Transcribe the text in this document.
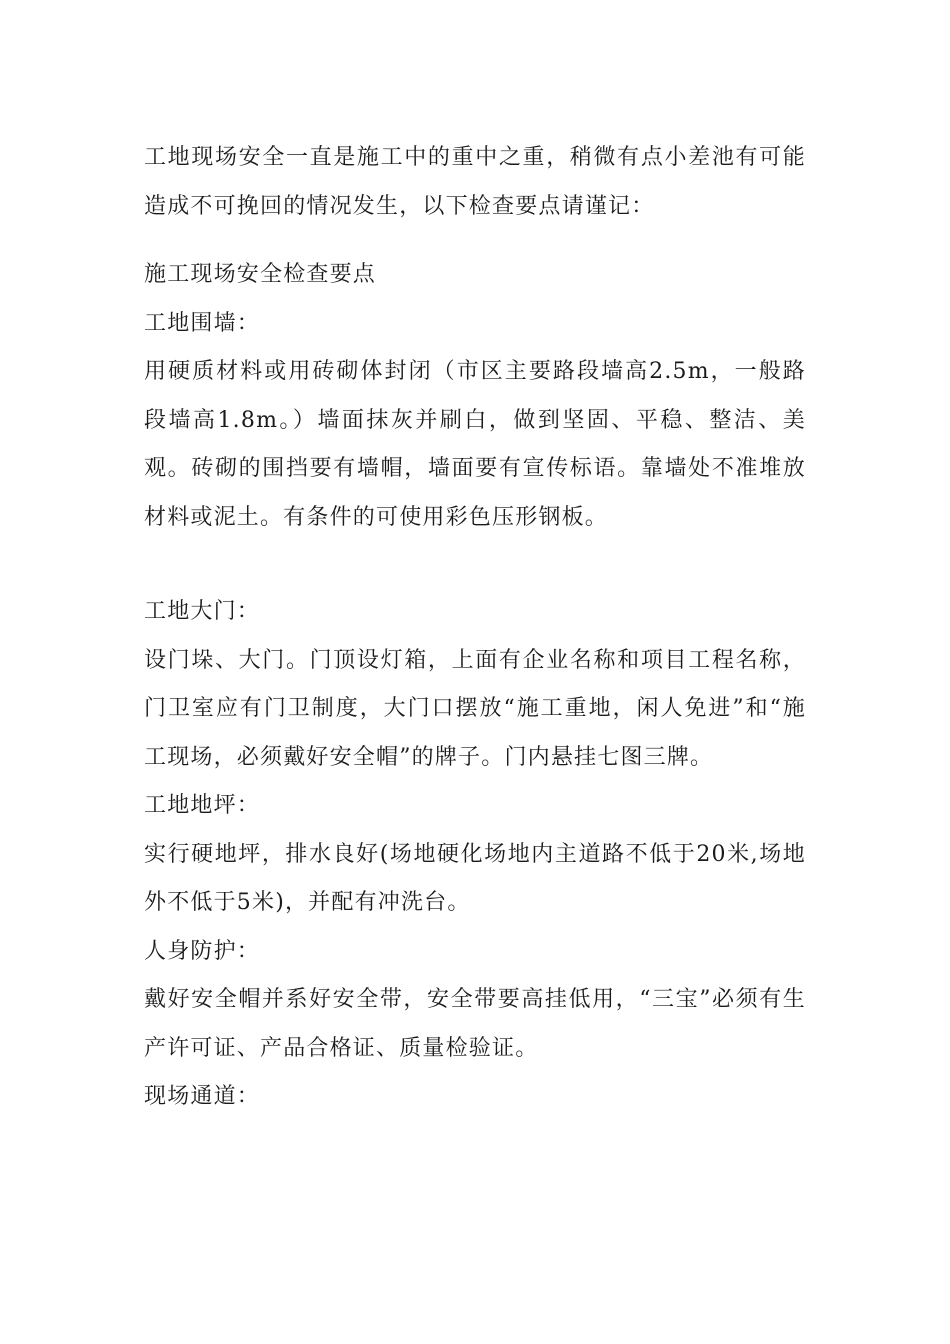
工地现场安全一直是施工中的重中之重，稍微有点小差池有可能造成不可挽回的情况发生，以下检查要点请谨记：

施工现场安全检查要点

工地围墙：

用硬质材料或用砖砌体封闭（市区主要路段墙高2.5m，一般路段墙高1.8m。）墙面抹灰并刷白，做到坚固、平稳、整洁、美观。砖砌的围挡要有墙帽，墙面要有宣传标语。靠墙处不准堆放材料或泥土。有条件的可使用彩色压形钢板。

工地大门：

设门垛、大门。门顶设灯箱，上面有企业名称和项目工程名称，门卫室应有门卫制度，大门口摆放“施工重地，闲人免进”和“施工现场，必须戴好安全帽”的牌子。门内悬挂七图三牌。

工地地坪：

实行硬地坪，排水良好(场地硬化场地内主道路不低于20米,场地外不低于5米)，并配有冲洗台。

人身防护：

戴好安全帽并系好安全带，安全带要高挂低用，“三宝”必须有生产许可证、产品合格证、质量检验证。

现场通道：
